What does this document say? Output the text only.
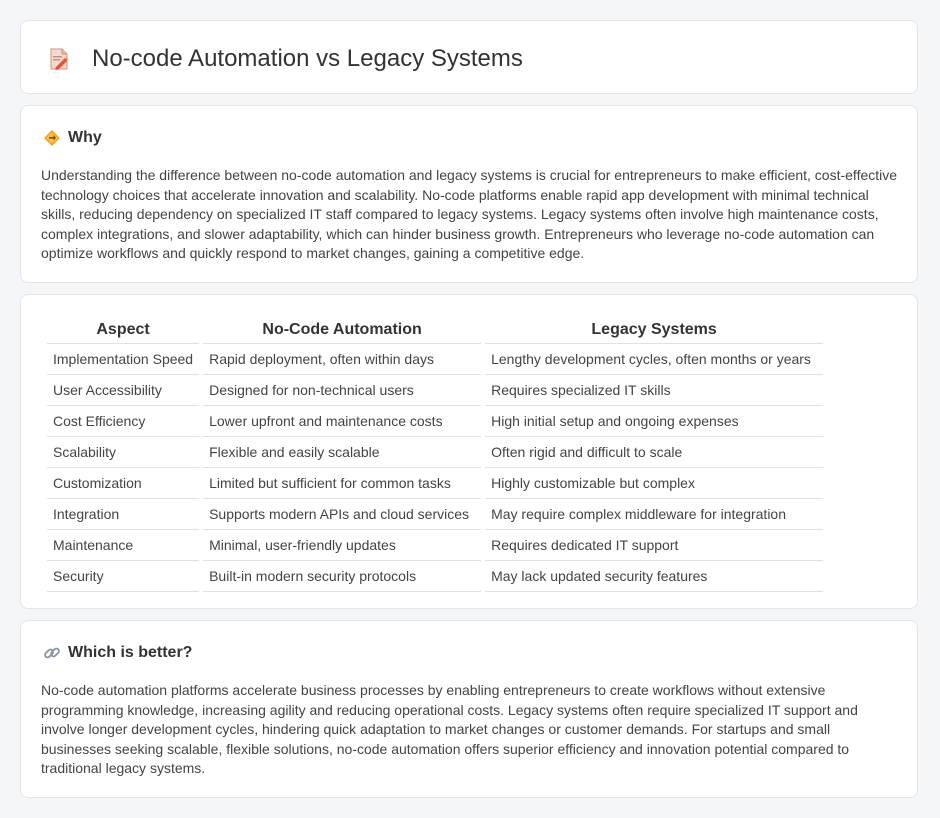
No-code Automation vs Legacy Systems
Why

Understanding the difference between no-code automation and legacy systems is crucial for entrepreneurs to make efficient, cost-effective technology choices that accelerate innovation and scalability. No-code platforms enable rapid app development with minimal technical skills, reducing dependency on specialized IT staff compared to legacy systems. Legacy systems often involve high maintenance costs, complex integrations, and slower adaptability, which can hinder business growth. Entrepreneurs who leverage no-code automation can optimize workflows and quickly respond to market changes, gaining a competitive edge.

Aspect	No-Code Automation	Legacy Systems
Implementation Speed	Rapid deployment, often within days	Lengthy development cycles, often months or years
User Accessibility	Designed for non-technical users	Requires specialized IT skills
Cost Efficiency	Lower upfront and maintenance costs	High initial setup and ongoing expenses
Scalability	Flexible and easily scalable	Often rigid and difficult to scale
Customization	Limited but sufficient for common tasks	Highly customizable but complex
Integration	Supports modern APIs and cloud services	May require complex middleware for integration
Maintenance	Minimal, user-friendly updates	Requires dedicated IT support
Security	Built-in modern security protocols	May lack updated security features
Which is better?

No-code automation platforms accelerate business processes by enabling entrepreneurs to create workflows without extensive programming knowledge, increasing agility and reducing operational costs. Legacy systems often require specialized IT support and involve longer development cycles, hindering quick adaptation to market changes or customer demands. For startups and small businesses seeking scalable, flexible solutions, no-code automation offers superior efficiency and innovation potential compared to traditional legacy systems.
